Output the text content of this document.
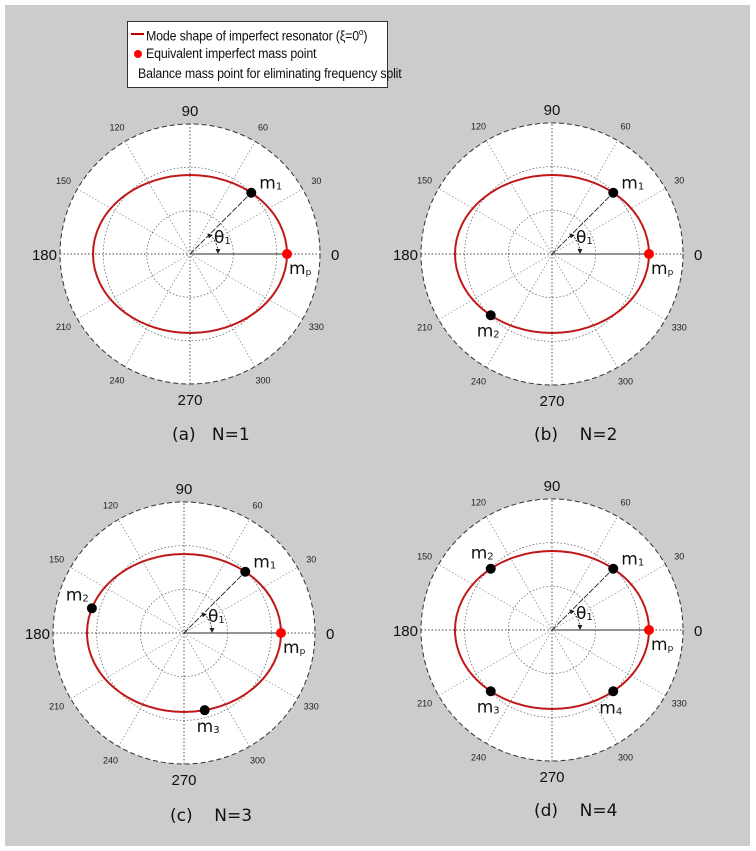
30
60
120
150
210
240	300
330
90
180	0
270
θ1
mp
m1
30
60
120
150
210
240	300
330
90
180	0
270
θ1
mp
m1
m2
30
60
120
150
210
240	300
330
90
180	0
270
θ1
mp
m1
m2
m3
30
60
120
150
210
240	300
330
90
180	0
270
θ1
mp
m1
m2
m3	m4
Mode shape of imperfect resonator $(\xi=0^o)$
Equivalent imperfect mass point
Balance mass point for eliminating frequency split
(a)   N=1	(b)    N=2
(c)    N=3	(d)    N=4
